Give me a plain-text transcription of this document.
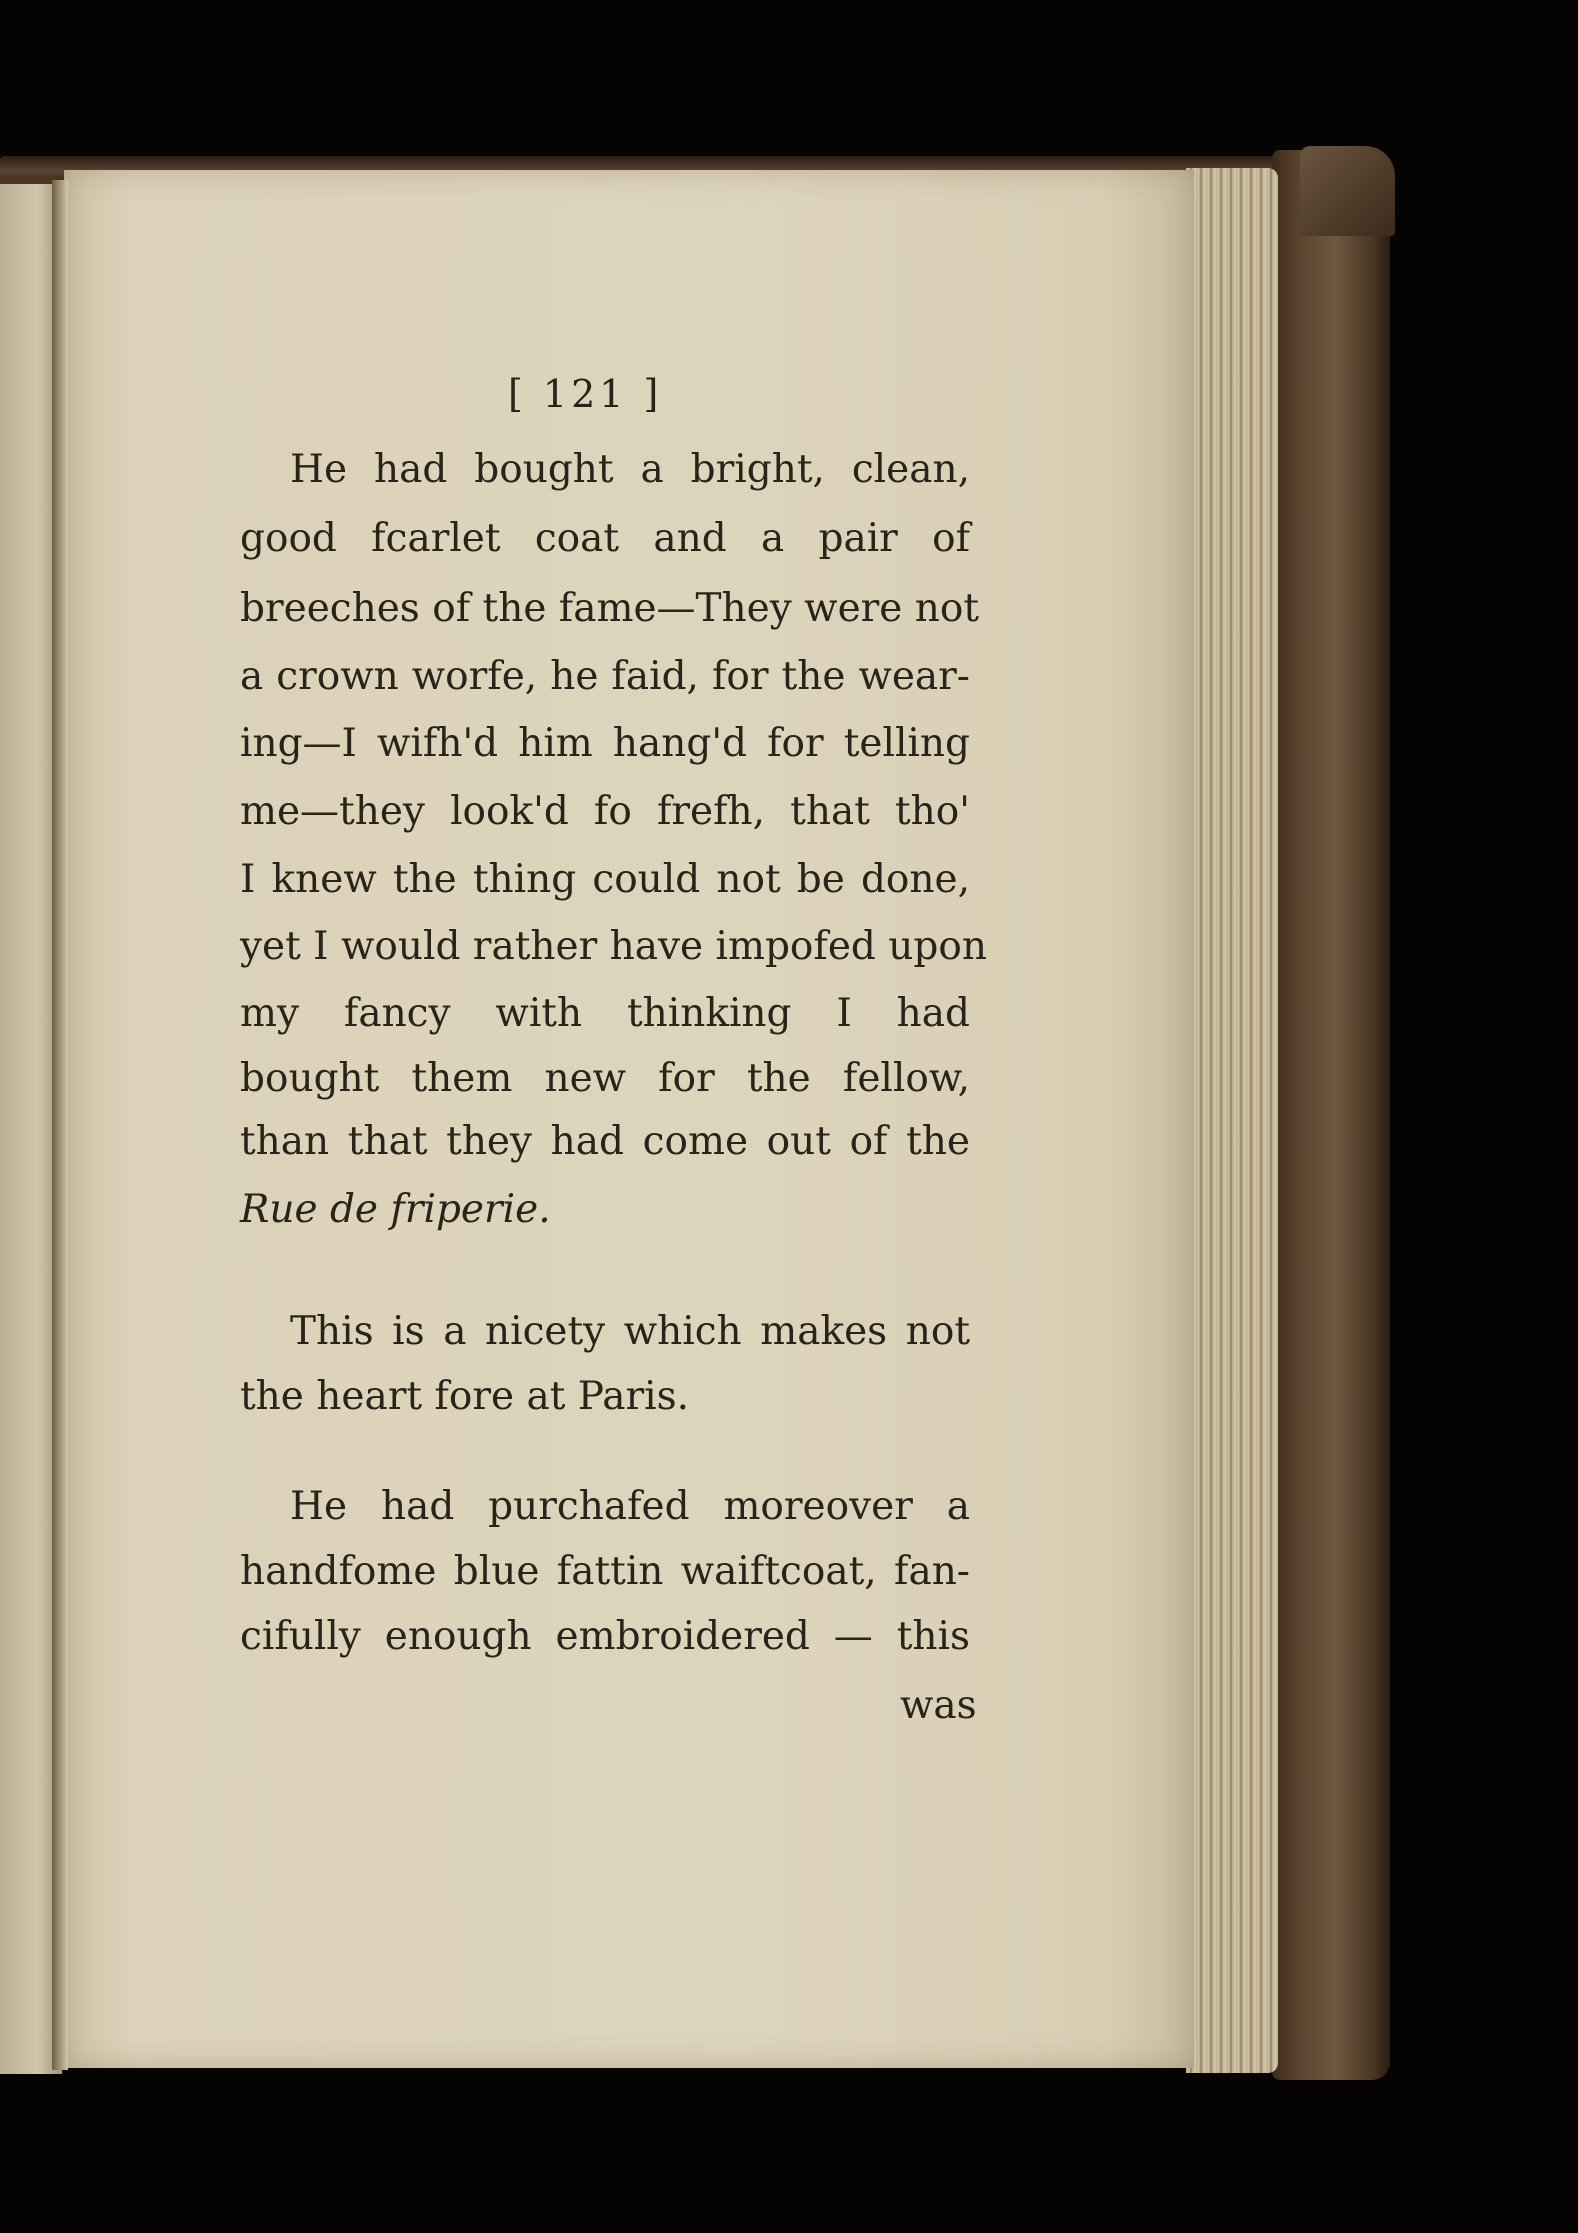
[ 121 ]
He had bought a bright, clean,
good fcarlet coat and a pair of
breeches of the fame—They were not
a crown worfe, he faid, for the wear-
ing—I wifh'd him hang'd for telling
me—they look'd fo frefh, that tho'
I knew the thing could not be done,
yet I would rather have impofed upon
my fancy with thinking I had
bought them new for the fellow,
than that they had come out of the
Rue de friperie.
This is a nicety which makes not
the heart fore at Paris.
He had purchafed moreover a
handfome blue fattin waiftcoat, fan-
cifully enough embroidered — this
was
